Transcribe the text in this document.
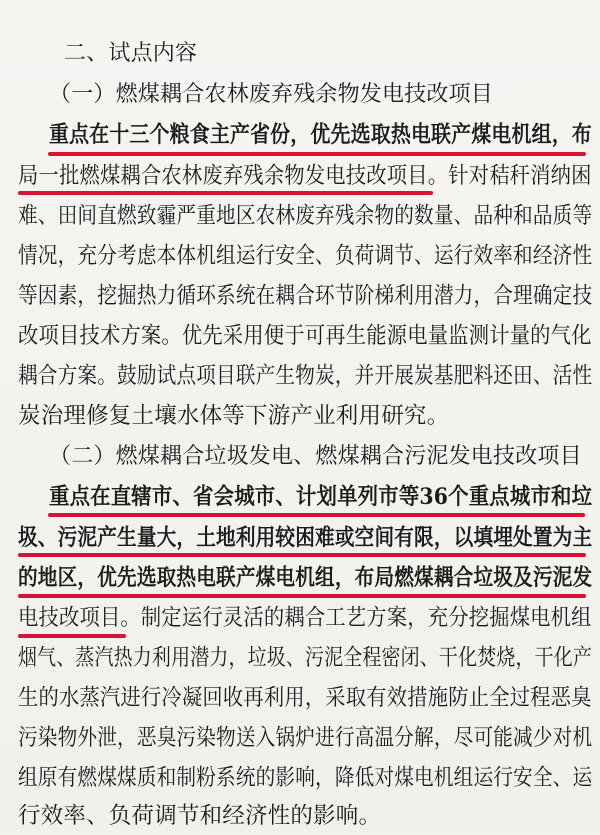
二、试点内容
（一）燃煤耦合农林废弃残余物发电技改项目
重点在十三个粮食主产省份，优先选取热电联产煤电机组，布
局一批燃煤耦合农林废弃残余物发电技改项目。针对秸秆消纳困
难、田间直燃致霾严重地区农林废弃残余物的数量、品种和品质等
情况，充分考虑本体机组运行安全、负荷调节、运行效率和经济性
等因素，挖掘热力循环系统在耦合环节阶梯利用潜力，合理确定技
改项目技术方案。优先采用便于可再生能源电量监测计量的气化
耦合方案。鼓励试点项目联产生物炭，并开展炭基肥料还田、活性
炭治理修复土壤水体等下游产业利用研究。
（二）燃煤耦合垃圾发电、燃煤耦合污泥发电技改项目
重点在直辖市、省会城市、计划单列市等36个重点城市和垃
圾、污泥产生量大，土地利用较困难或空间有限，以填埋处置为主
的地区，优先选取热电联产煤电机组，布局燃煤耦合垃圾及污泥发
电技改项目。制定运行灵活的耦合工艺方案，充分挖掘煤电机组
烟气、蒸汽热力利用潜力，垃圾、污泥全程密闭、干化焚烧，干化产
生的水蒸汽进行冷凝回收再利用，采取有效措施防止全过程恶臭
污染物外泄，恶臭污染物送入锅炉进行高温分解，尽可能减少对机
组原有燃煤煤质和制粉系统的影响，降低对煤电机组运行安全、运
行效率、负荷调节和经济性的影响。
